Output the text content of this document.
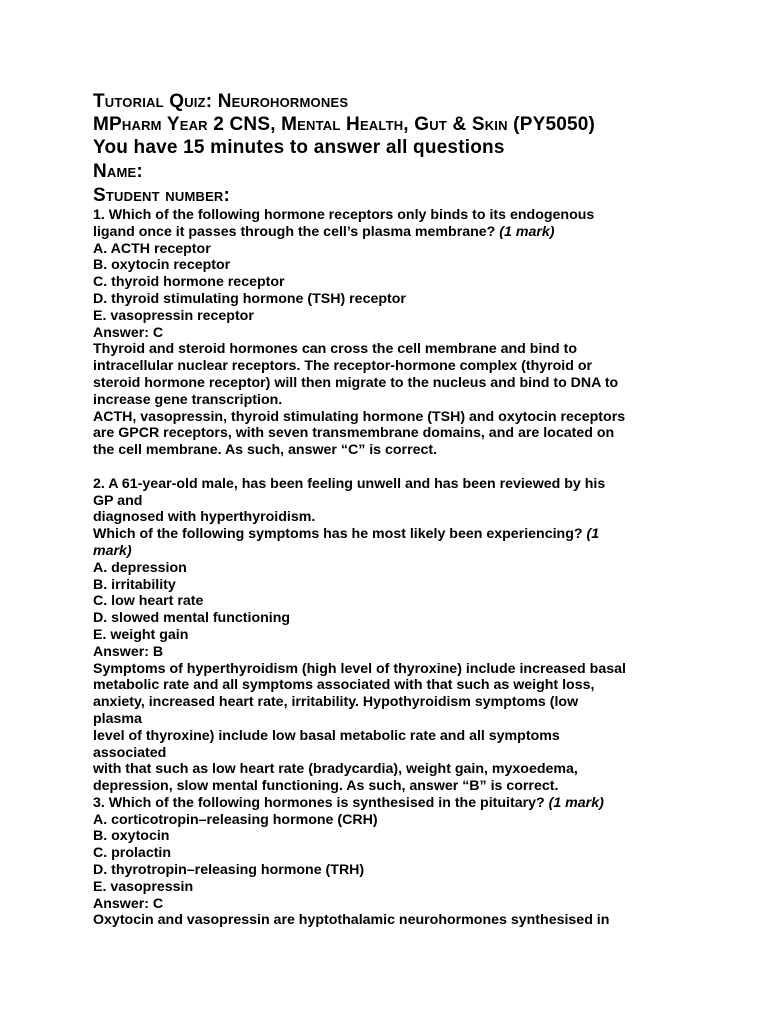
Tutorial Quiz: Neurohormones
MPharm Year 2 CNS, Mental Health, Gut & Skin (PY5050)
You have 15 minutes to answer all questions
Name:
Student number:

1. Which of the following hormone receptors only binds to its endogenous
ligand once it passes through the cell’s plasma membrane? (1 mark)

A. ACTH receptor

B. oxytocin receptor

C. thyroid hormone receptor

D. thyroid stimulating hormone (TSH) receptor

E. vasopressin receptor

Answer: C

Thyroid and steroid hormones can cross the cell membrane and bind to
intracellular nuclear receptors. The receptor-hormone complex (thyroid or
steroid hormone receptor) will then migrate to the nucleus and bind to DNA to
increase gene transcription.

ACTH, vasopressin, thyroid stimulating hormone (TSH) and oxytocin receptors
are GPCR receptors, with seven transmembrane domains, and are located on
the cell membrane. As such, answer “C” is correct.

2. A 61-year-old male, has been feeling unwell and has been reviewed by his
GP and
diagnosed with hyperthyroidism.

Which of the following symptoms has he most likely been experiencing? (1
mark)

A. depression

B. irritability

C. low heart rate

D. slowed mental functioning

E. weight gain

Answer: B

Symptoms of hyperthyroidism (high level of thyroxine) include increased basal
metabolic rate and all symptoms associated with that such as weight loss,
anxiety, increased heart rate, irritability. Hypothyroidism symptoms (low
plasma
level of thyroxine) include low basal metabolic rate and all symptoms
associated
with that such as low heart rate (bradycardia), weight gain, myxoedema,
depression, slow mental functioning. As such, answer “B” is correct.

3. Which of the following hormones is synthesised in the pituitary? (1 mark)

A. corticotropin–releasing hormone (CRH)

B. oxytocin

C. prolactin

D. thyrotropin–releasing hormone (TRH)

E. vasopressin

Answer: C

Oxytocin and vasopressin are hyptothalamic neurohormones synthesised in
